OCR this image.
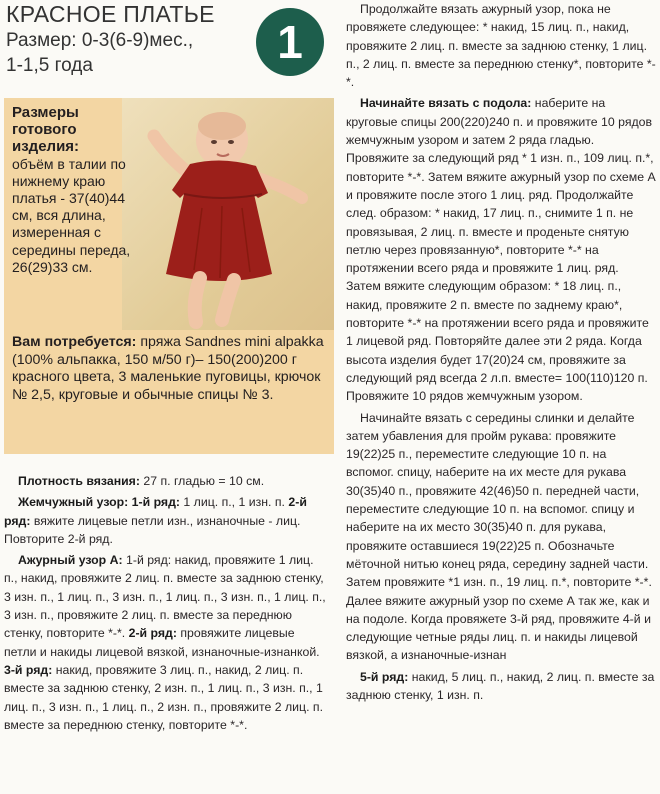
КРАСНОЕ ПЛАТЬЕ
Размер: 0-3(6-9)мес.,
1-1,5 года	1
Размеры готового изделия:
объём в талии по нижнему краю платья - 37(40)44 см, вся длина, измеренная с середины переда, 26(29)33 см.
Вам потребуется: пряжа Sandnes mini alpakka (100% альпакка, 150 м/50 г)– 150(200)200 г красного цвета, 3 маленькие пуговицы, крючок № 2,5, круговые и обычные спицы № 3.

Плотность вязания: 27 п. гладью = 10 см.

Жемчужный узор: 1-й ряд: 1 лиц. п., 1 изн. п. 2-й ряд: вяжите лицевые петли изн., изнаночные - лиц. Повторите 2-й ряд.

Ажурный узор А: 1-й ряд: накид, провяжите 1 лиц. п., накид, провяжите 2 лиц. п. вместе за заднюю стенку, 3 изн. п., 1 лиц. п., 3 изн. п., 1 лиц. п., 3 изн. п., 1 лиц. п., 3 изн. п., провяжите 2 лиц. п. вместе за переднюю стенку, повторите *-*. 2-й ряд: провяжите лицевые петли и накиды лицевой вязкой, изнаночные-изнанкой. 3-й ряд: накид, провяжите 3 лиц. п., накид, 2 лиц. п. вместе за заднюю стенку, 2 изн. п., 1 лиц. п., 3 изн. п., 1 лиц. п., 3 изн. п., 1 лиц. п., 2 изн. п., провяжите 2 лиц. п. вместе за переднюю стенку, повторите *-*.

Продолжайте вязать ажурный узор, пока не провяжете следующее: * накид, 15 лиц. п., накид, провяжите 2 лиц. п. вместе за заднюю стенку, 1 лиц. п., 2 лиц. п. вместе за переднюю стенку*, повторите *-*.

Начинайте вязать с подола: наберите на круговые спицы 200(220)240 п. и провяжите 10 рядов жемчужным узором и затем 2 ряда гладью. Провяжите за следующий ряд * 1 изн. п., 109 лиц. п.*, повторите *-*. Затем вяжите ажурный узор по схеме А и провяжите после этого 1 лиц. ряд. Продолжайте след. образом: * накид, 17 лиц. п., снимите 1 п. не провязывая, 2 лиц. п. вместе и проденьте снятую петлю через провязанную*, повторите *-* на протяжении всего ряда и провяжите 1 лиц. ряд. Затем вяжите следующим образом: * 18 лиц. п., накид, провяжите 2 п. вместе по заднему краю*, повторите *-* на протяжении всего ряда и провяжите 1 лицевой ряд. Повторяйте далее эти 2 ряда. Когда высота изделия будет 17(20)24 см, провяжите за следующий ряд всегда 2 л.п. вместе= 100(110)120 п. Провяжите 10 рядов жемчужным узором.

Начинайте вязать с середины слинки и делайте затем убавления для пройм рукава: провяжите 19(22)25 п., переместите следующие 10 п. на вспомог. спицу, наберите на их месте для рукава 30(35)40 п., провяжите 42(46)50 п. передней части, переместите следующие 10 п. на вспомог. спицу и наберите на их место 30(35)40 п. для рукава, провяжите оставшиеся 19(22)25 п. Обозначьте мёточной нитью конец ряда, середину задней части. Затем провяжите *1 изн. п., 19 лиц. п.*, повторите *-*. Далее вяжите ажурный узор по схеме А так же, как и на подоле. Когда провяжете 3-й ряд, провяжите 4-й и следующие четные ряды лиц. п. и накиды лицевой вязкой, а изнаночные-изнан

5-й ряд: накид, 5 лиц. п., накид, 2 лиц. п. вместе за заднюю стенку, 1 изн. п.
